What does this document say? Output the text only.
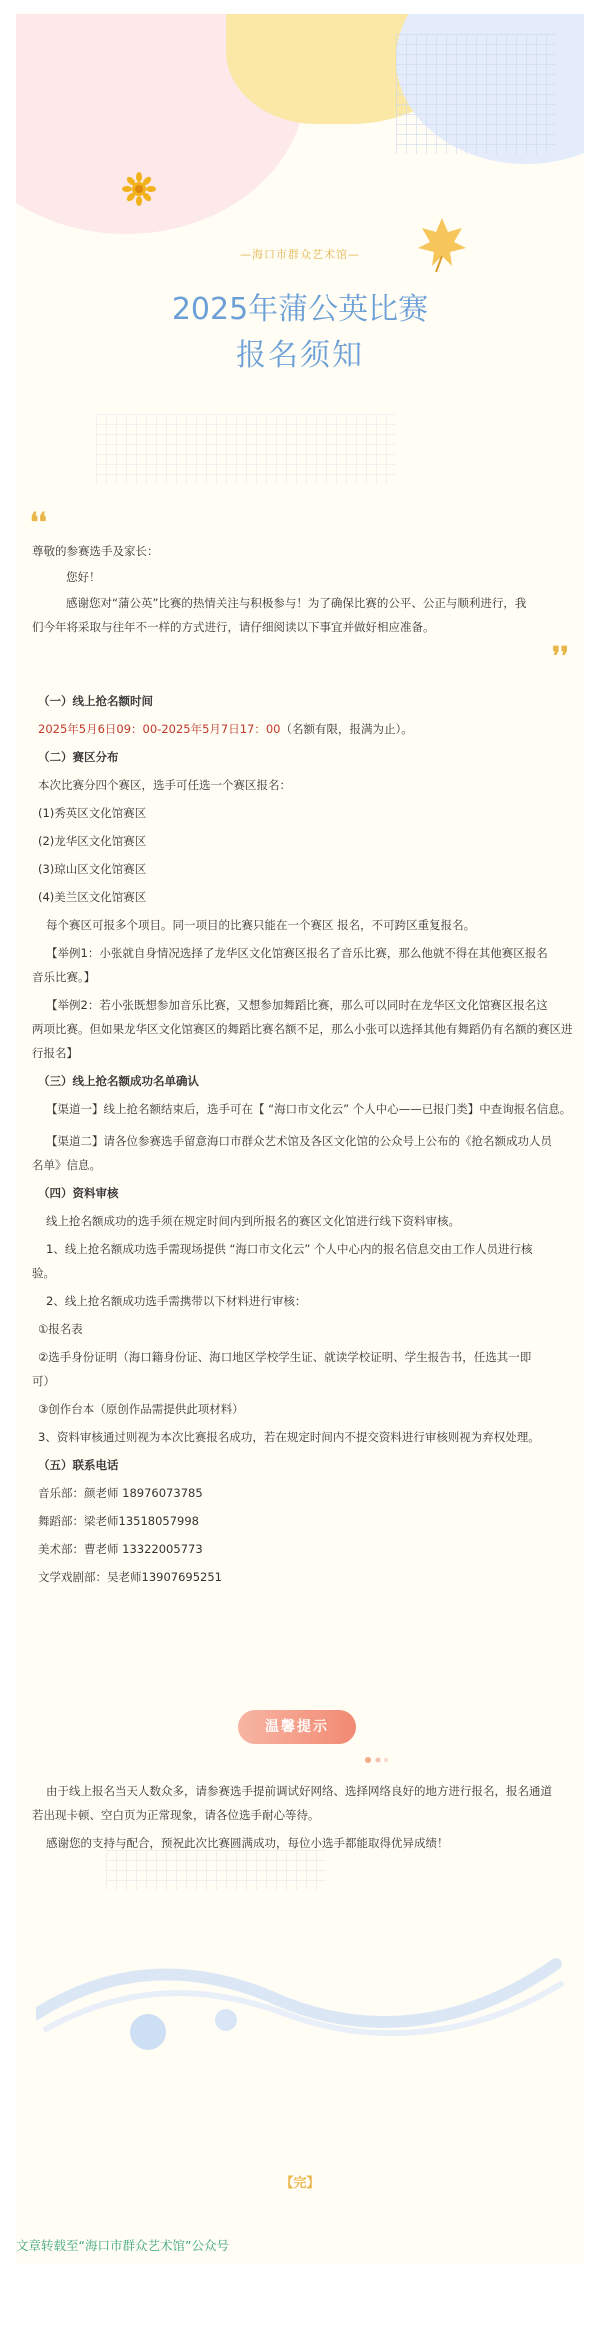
—海口市群众艺术馆—
2025年蒲公英比赛
报名须知
❛❛
❜❜
尊敬的参赛选手及家长：
您好！
感谢您对“蒲公英”比赛的热情关注与积极参与！为了确保比赛的公平、公正与顺利进行，我
们今年将采取与往年不一样的方式进行，请仔细阅读以下事宜并做好相应准备。
（一）线上抢名额时间
2025年5月6日09：00-2025年5月7日17：00（名额有限，报满为止）。
（二）赛区分布
本次比赛分四个赛区，选手可任选一个赛区报名：
(1)秀英区文化馆赛区
(2)龙华区文化馆赛区
(3)琼山区文化馆赛区
(4)美兰区文化馆赛区
每个赛区可报多个项目。同一项目的比赛只能在一个赛区 报名，不可跨区重复报名。
【举例1：小张就自身情况选择了龙华区文化馆赛区报名了音乐比赛，那么他就不得在其他赛区报名
音乐比赛。】
【举例2：若小张既想参加音乐比赛，又想参加舞蹈比赛，那么可以同时在龙华区文化馆赛区报名这
两项比赛。但如果龙华区文化馆赛区的舞蹈比赛名额不足，那么小张可以选择其他有舞蹈仍有名额的赛区进
行报名】
（三）线上抢名额成功名单确认
【渠道一】线上抢名额结束后，选手可在【 “海口市文化云” 个人中心——已报门类】中查询报名信息。
【渠道二】请各位参赛选手留意海口市群众艺术馆及各区文化馆的公众号上公布的《抢名额成功人员
名单》信息。
（四）资料审核
线上抢名额成功的选手须在规定时间内到所报名的赛区文化馆进行线下资料审核。
1、线上抢名额成功选手需现场提供 “海口市文化云” 个人中心内的报名信息交由工作人员进行核
验。
2、线上抢名额成功选手需携带以下材料进行审核：
①报名表
②选手身份证明（海口籍身份证、海口地区学校学生证、就读学校证明、学生报告书，任选其一即
可）
③创作台本（原创作品需提供此项材料）
3、资料审核通过则视为本次比赛报名成功，若在规定时间内不提交资料进行审核则视为弃权处理。
（五）联系电话
音乐部：颜老师 18976073785
舞蹈部：梁老师13518057998
美术部：曹老师 13322005773
文学戏剧部：吴老师13907695251
温馨提示
由于线上报名当天人数众多，请参赛选手提前调试好网络、选择网络良好的地方进行报名，报名通道
若出现卡顿、空白页为正常现象，请各位选手耐心等待。
感谢您的支持与配合，预祝此次比赛圆满成功，每位小选手都能取得优异成绩！
【完】
文章转载至“海口市群众艺术馆”公众号
